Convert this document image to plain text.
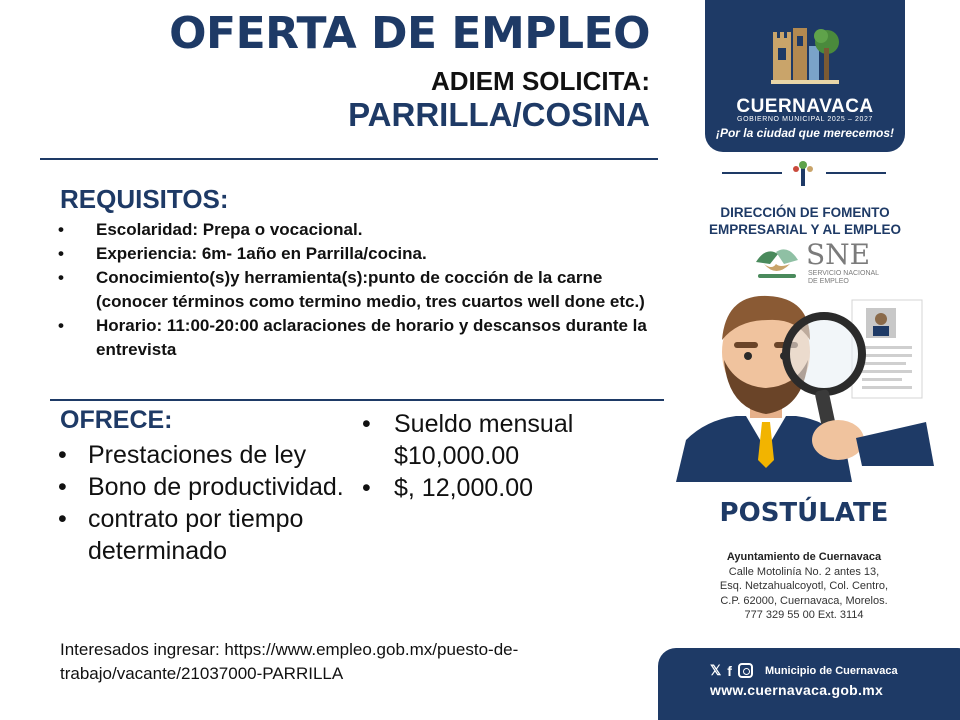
OFERTA DE EMPLEO
ADIEM SOLICITA:
PARRILLA/COSINA
REQUISITOS:
• Escolaridad: Prepa o vocacional.
• Experiencia: 6m- 1año en Parrilla/cocina.
• Conocimiento(s)y herramienta(s):punto de cocción de la carne (conocer términos como termino medio, tres cuartos well done etc.)
• Horario: 11:00-20:00 aclaraciones de horario y descansos durante la entrevista
OFRECE:
• Prestaciones de ley
• Bono de productividad.
• contrato por tiempo determinado
• Sueldo mensual $10,000.00
• $, 12,000.00
Interesados ingresar: https://www.empleo.gob.mx/puesto-de-trabajo/vacante/21037000-PARRILLA
CUERNAVACA
GOBIERNO MUNICIPAL 2025 – 2027
¡Por la ciudad que merecemos!
DIRECCIÓN DE FOMENTO EMPRESARIAL Y AL EMPLEO
SNE
SERVICIO NACIONAL DE EMPLEO
POSTÚLATE
Ayuntamiento de Cuernavaca
Calle Motolinía No. 2 antes 13,
Esq. Netzahualcoyotl, Col. Centro,
C.P. 62000, Cuernavaca, Morelos.
777 329 55 00 Ext. 3114
𝕏 f	Municipio de Cuernavaca
www.cuernavaca.gob.mx
